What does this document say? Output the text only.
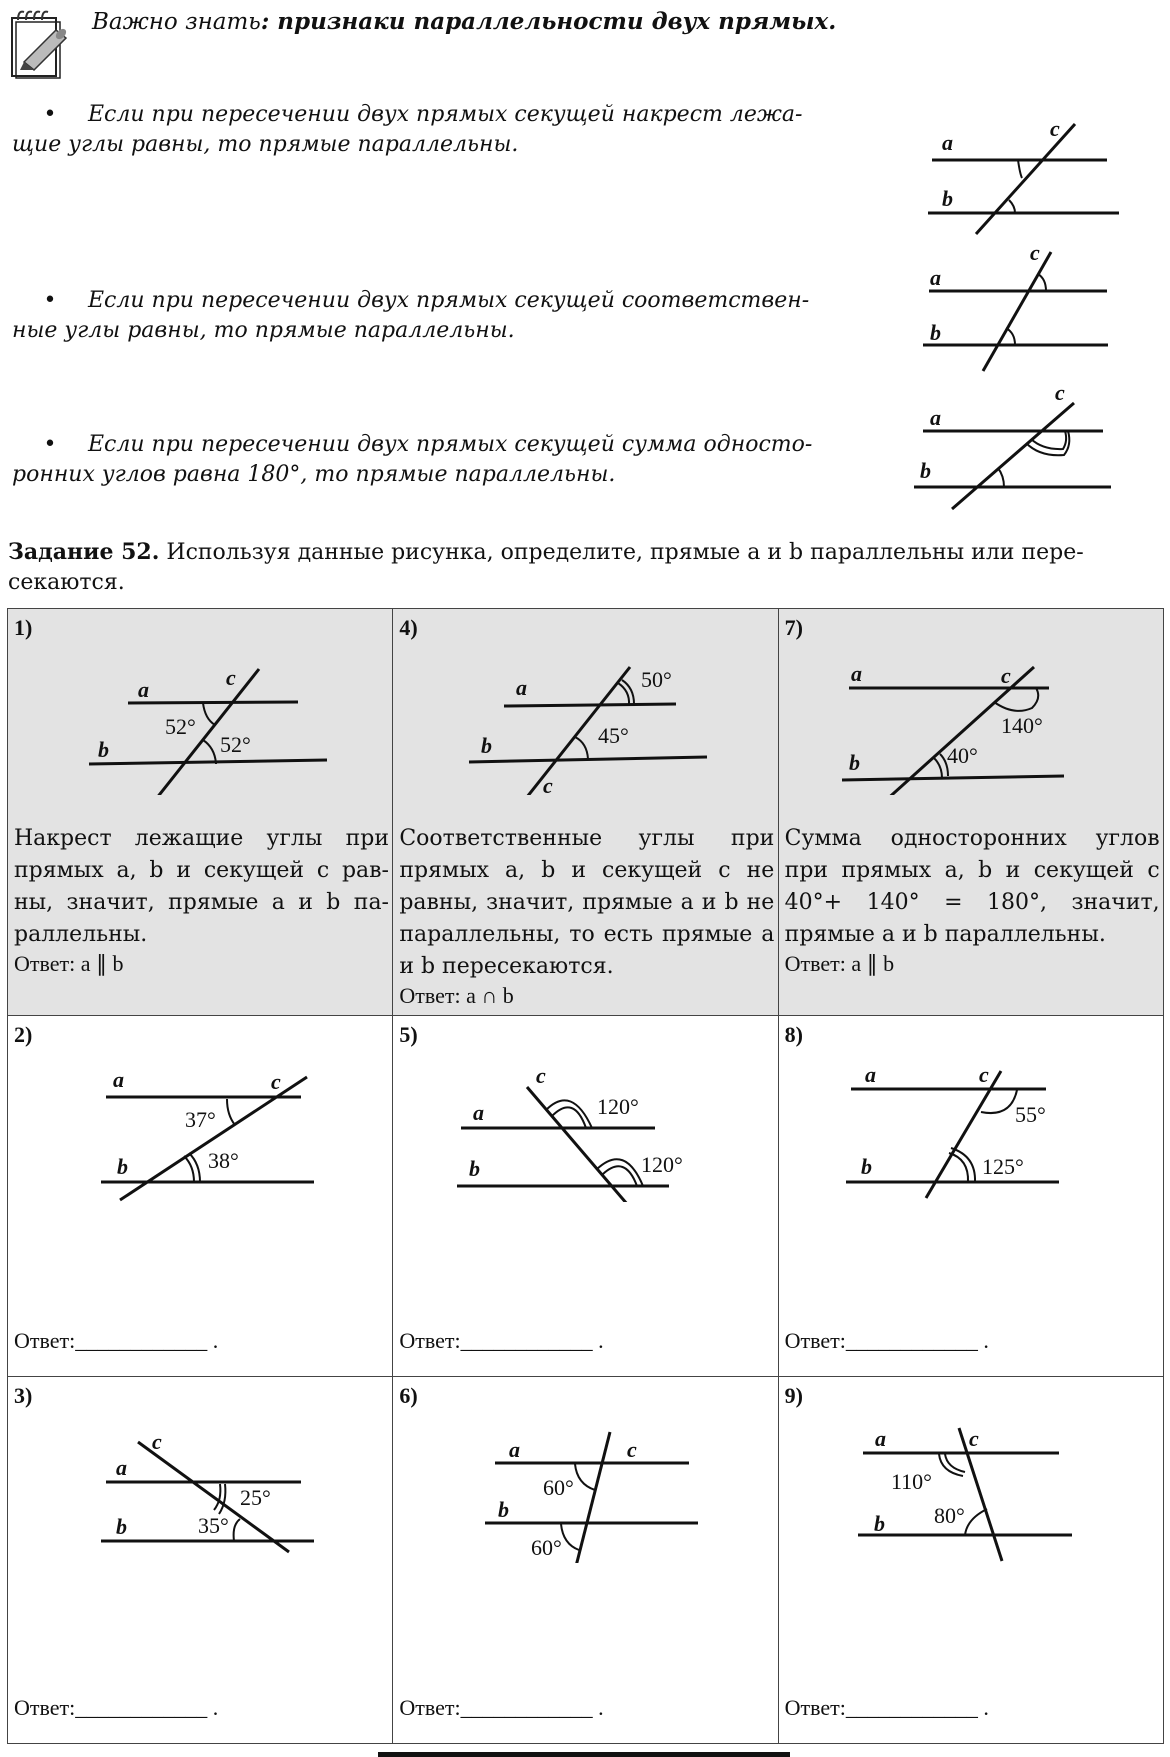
Важно знать: признаки параллельности двух прямых.
• Если при пересечении двух прямых секущей накрест лежа-
щие углы равны, то прямые параллельны.
• Если при пересечении двух прямых секущей соответствен-
ные углы равны, то прямые параллельны.
• Если при пересечении двух прямых секущей сумма односто-
ронних углов равна 180°, то прямые параллельны.
a
b
c
a
b
c
a
b
c
Задание 52. Используя данные рисунка, определите, прямые a и b параллельны или пере-
секаются.
1)
a
b
c
52°
52°
Накрест лежащие углы при прямых a, b и секущей c рав-ны, значит, прямые a и b па-раллельны.
Ответ: a ∥ b

4)
a
b
c
50°
45°
Соответственные углы при прямых a, b и секущей c не равны, значит, прямые a и b не параллельны, то есть прямые a и b пересекаются.
Ответ: a ∩ b

7)
a
b
c
140°
40°
Сумма односторонних углов при прямых a, b и секущей c 40°+ 140° = 180°, значит, прямые a и b параллельны.
Ответ: a ∥ b

2)
a
b
c
37°
38°
Ответ:____________ .

5)
a
b
c
120°
120°
Ответ:____________ .

8)
a
b
c
55°
125°
Ответ:____________ .

3)
a
b
c
25°
35°
Ответ:____________ .

6)
a
b
c
60°
60°
Ответ:____________ .

9)
a
b
c
110°
80°
Ответ:____________ .
